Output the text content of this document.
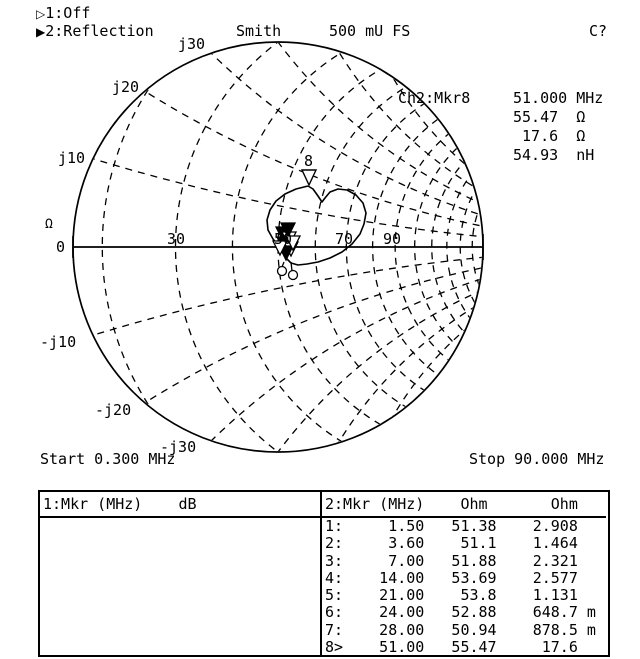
j30
j20
j10
Ω
0
-j10
-j20
-j30
30	50	70 90
Ch2:Mkr8
8
▷1:Off
▶2:Reflection	Smith	500 mU FS	C?
51.000 MHz
55.47  Ω
17.6  Ω
54.93  nH
Start 0.300 MHz	Stop 90.000 MHz
1:Mkr (MHz)    dB	2:Mkr (MHz)    Ohm       Ohm
1:     1.50   51.38    2.908
2:     3.60    51.1    1.464
3:     7.00   51.88    2.321
4:    14.00   53.69    2.577
5:    21.00    53.8    1.131
6:    24.00   52.88    648.7 m
7:    28.00   50.94    878.5 m
8>    51.00   55.47     17.6
